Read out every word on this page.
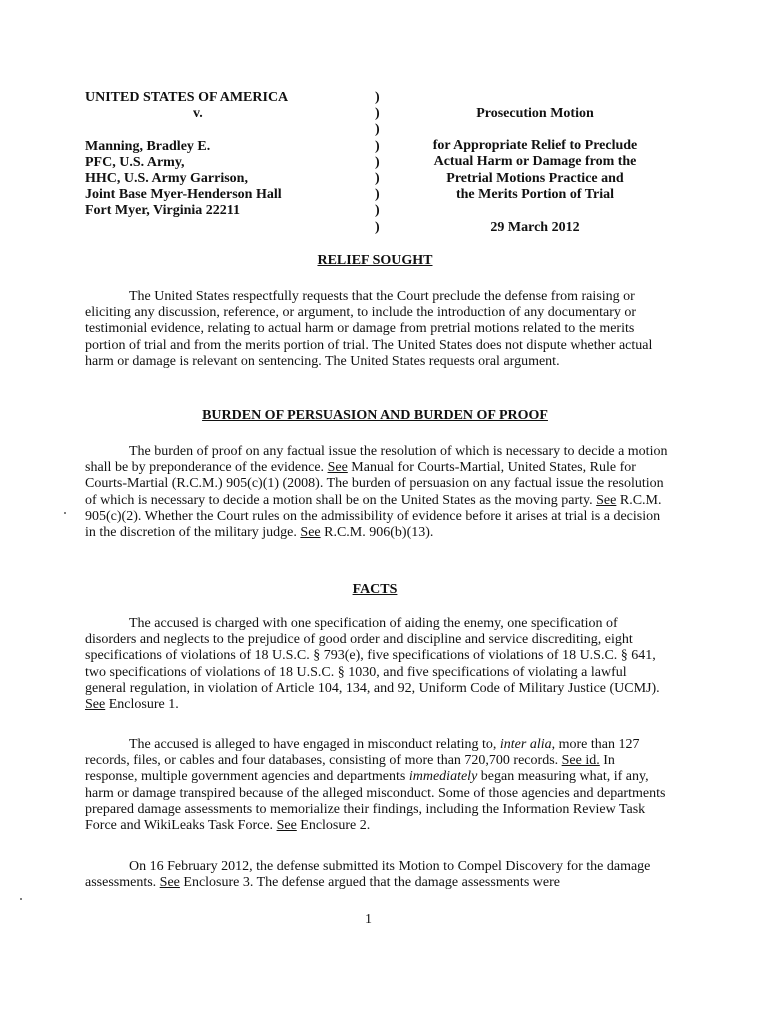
UNITED STATES OF AMERICA
v.
Manning, Bradley E.
PFC, U.S. Army,
HHC, U.S. Army Garrison,
Joint Base Myer-Henderson Hall
Fort Myer, Virginia 22211
)
)
)
)
)
)
)
)
)
Prosecution Motion
for Appropriate Relief to Preclude
Actual Harm or Damage from the
Pretrial Motions Practice and
the Merits Portion of Trial
29 March 2012
RELIEF SOUGHT

The United States respectfully requests that the Court preclude the defense from raising or eliciting any discussion, reference, or argument, to include the introduction of any documentary or testimonial evidence, relating to actual harm or damage from pretrial motions related to the merits portion of trial and from the merits portion of trial. The United States does not dispute whether actual harm or damage is relevant on sentencing. The United States requests oral argument.

BURDEN OF PERSUASION AND BURDEN OF PROOF

The burden of proof on any factual issue the resolution of which is necessary to decide a motion shall be by preponderance of the evidence. See Manual for Courts-Martial, United States, Rule for Courts-Martial (R.C.M.) 905(c)(1) (2008). The burden of persuasion on any factual issue the resolution of which is necessary to decide a motion shall be on the United States as the moving party. See R.C.M. 905(c)(2). Whether the Court rules on the admissibility of evidence before it arises at trial is a decision in the discretion of the military judge. See R.C.M. 906(b)(13).

FACTS

The accused is charged with one specification of aiding the enemy, one specification of disorders and neglects to the prejudice of good order and discipline and service discrediting, eight specifications of violations of 18 U.S.C. § 793(e), five specifications of violations of 18 U.S.C. § 641, two specifications of violations of 18 U.S.C. § 1030, and five specifications of violating a lawful general regulation, in violation of Article 104, 134, and 92, Uniform Code of Military Justice (UCMJ). See Enclosure 1.

The accused is alleged to have engaged in misconduct relating to, inter alia, more than 127 records, files, or cables and four databases, consisting of more than 720,700 records. See id. In response, multiple government agencies and departments immediately began measuring what, if any, harm or damage transpired because of the alleged misconduct. Some of those agencies and departments prepared damage assessments to memorialize their findings, including the Information Review Task Force and WikiLeaks Task Force. See Enclosure 2.

On 16 February 2012, the defense submitted its Motion to Compel Discovery for the damage assessments. See Enclosure 3. The defense argued that the damage assessments were

1
